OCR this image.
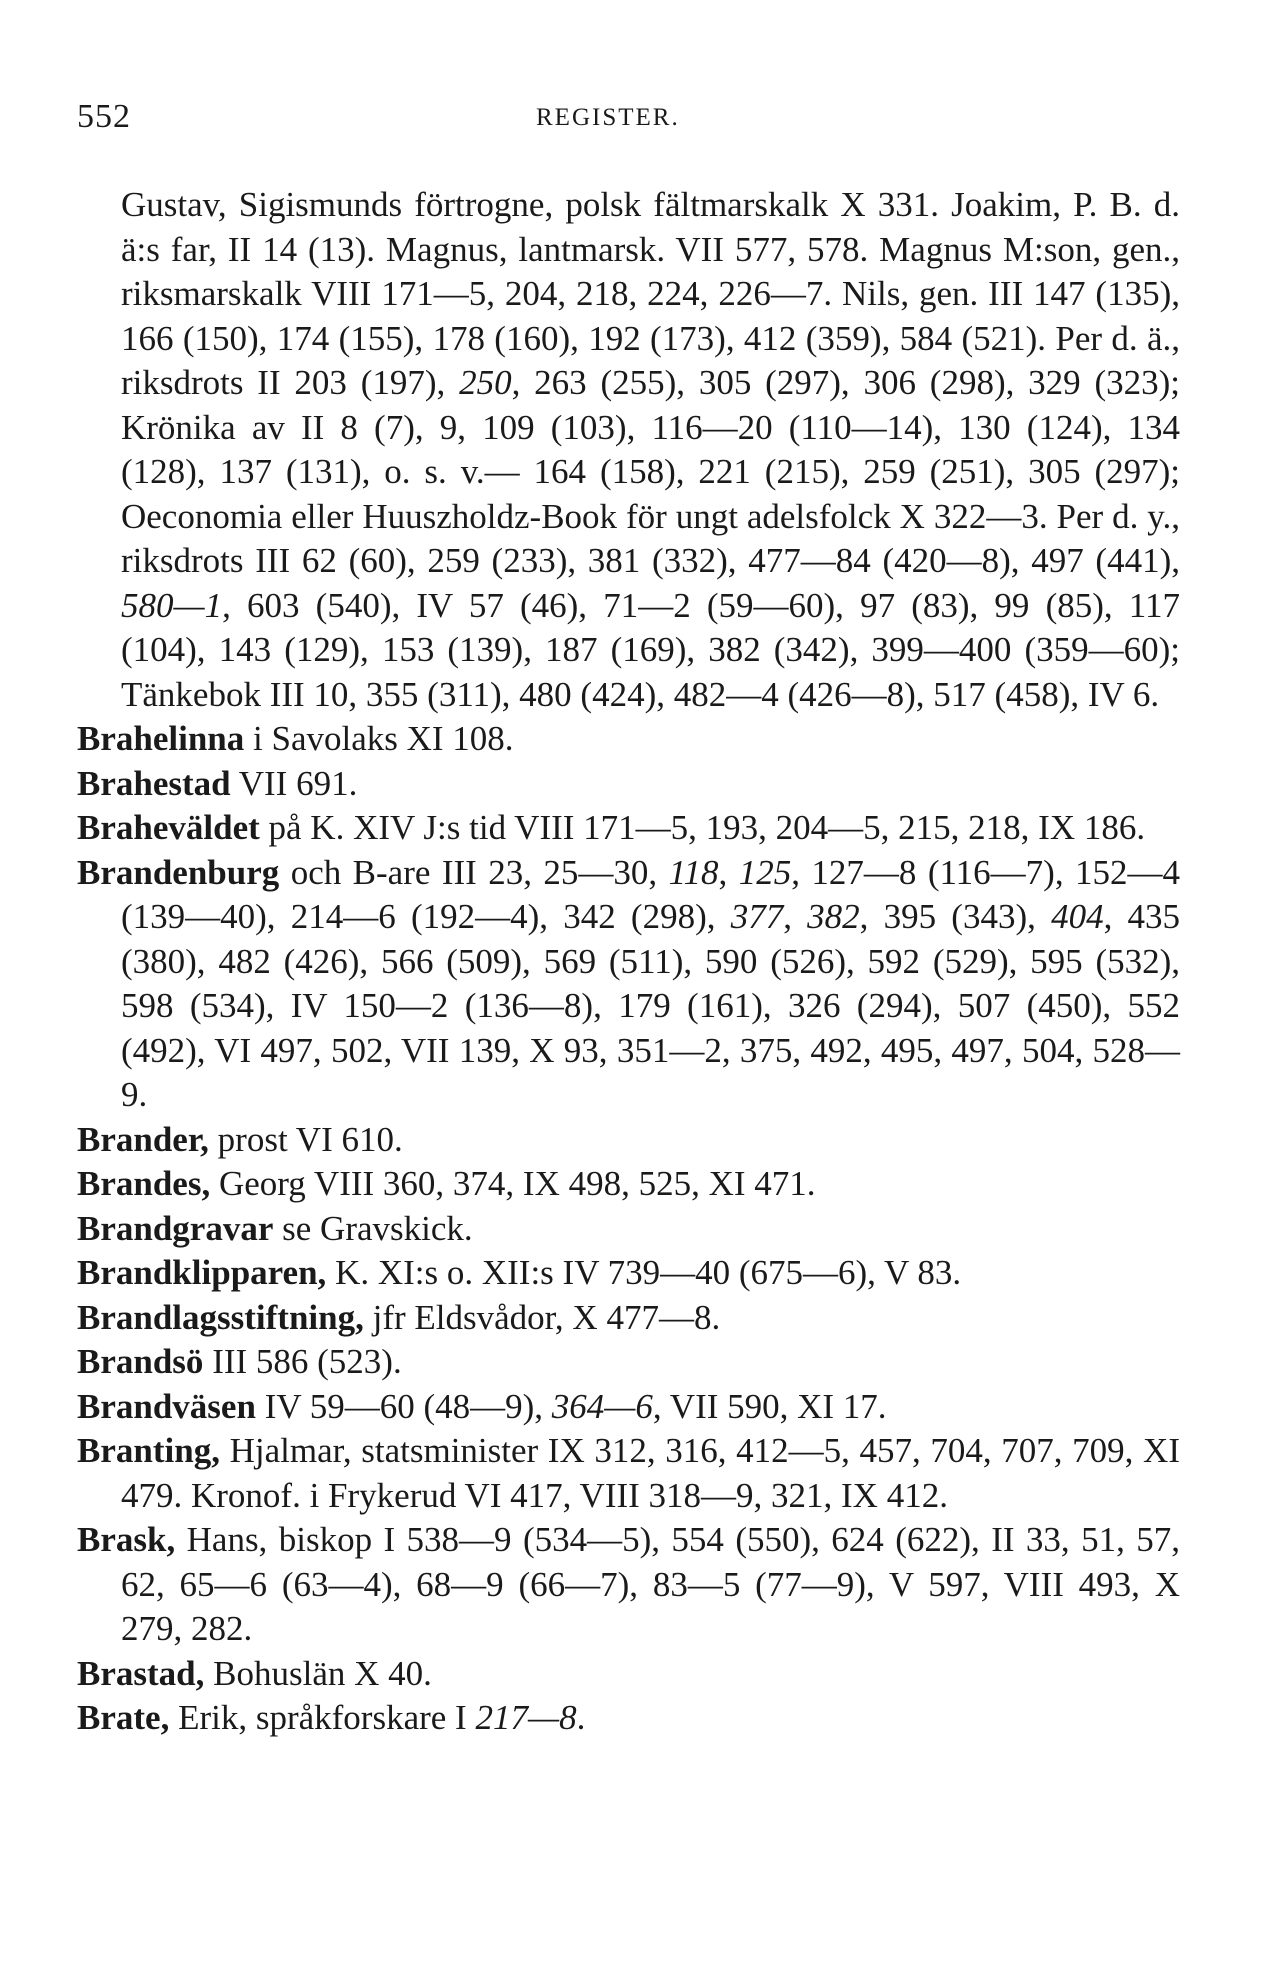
552	REGISTER.

Gustav, Sigismunds förtrogne, polsk fältmarskalk X 331. Joakim, P. B. d. ä:s far, II 14 (13). Magnus, lantmarsk. VII 577, 578. Magnus M:son, gen., riksmarskalk VIII 171—5, 204, 218, 224, 226—7. Nils, gen. III 147 (135), 166 (150), 174 (155), 178 (160), 192 (173), 412 (359), 584 (521). Per d. ä., riksdrots II 203 (197), 250, 263 (255), 305 (297), 306 (298), 329 (323); Krönika av II 8 (7), 9, 109 (103), 116—20 (110—14), 130 (124), 134 (128), 137 (131), o. s. v.— 164 (158), 221 (215), 259 (251), 305 (297); Oeconomia eller Huuszholdz-Book för ungt adelsfolck X 322—3. Per d. y., riksdrots III 62 (60), 259 (233), 381 (332), 477—84 (420—8), 497 (441), 580—1, 603 (540), IV 57 (46), 71—2 (59—60), 97 (83), 99 (85), 117 (104), 143 (129), 153 (139), 187 (169), 382 (342), 399—400 (359—60); Tänkebok III 10, 355 (311), 480 (424), 482—4 (426—8), 517 (458), IV 6.

Brahelinna i Savolaks XI 108.

Brahestad VII 691.

Braheväldet på K. XIV J:s tid VIII 171—5, 193, 204—5, 215, 218, IX 186.

Brandenburg och B-are III 23, 25—30, 118, 125, 127—8 (116—7), 152—4 (139—40), 214—6 (192—4), 342 (298), 377, 382, 395 (343), 404, 435 (380), 482 (426), 566 (509), 569 (511), 590 (526), 592 (529), 595 (532), 598 (534), IV 150—2 (136—8), 179 (161), 326 (294), 507 (450), 552 (492), VI 497, 502, VII 139, X 93, 351—2, 375, 492, 495, 497, 504, 528—9.

Brander, prost VI 610.

Brandes, Georg VIII 360, 374, IX 498, 525, XI 471.

Brandgravar se Gravskick.

Brandklipparen, K. XI:s o. XII:s IV 739—40 (675—6), V 83.

Brandlagsstiftning, jfr Eldsvådor, X 477—8.

Brandsö III 586 (523).

Brandväsen IV 59—60 (48—9), 364—6, VII 590, XI 17.

Branting, Hjalmar, statsminister IX 312, 316, 412—5, 457, 704, 707, 709, XI 479. Kronof. i Frykerud VI 417, VIII 318—9, 321, IX 412.

Brask, Hans, biskop I 538—9 (534—5), 554 (550), 624 (622), II 33, 51, 57, 62, 65—6 (63—4), 68—9 (66—7), 83—5 (77—9), V 597, VIII 493, X 279, 282.

Brastad, Bohuslän X 40.

Brate, Erik, språkforskare I 217—8.
